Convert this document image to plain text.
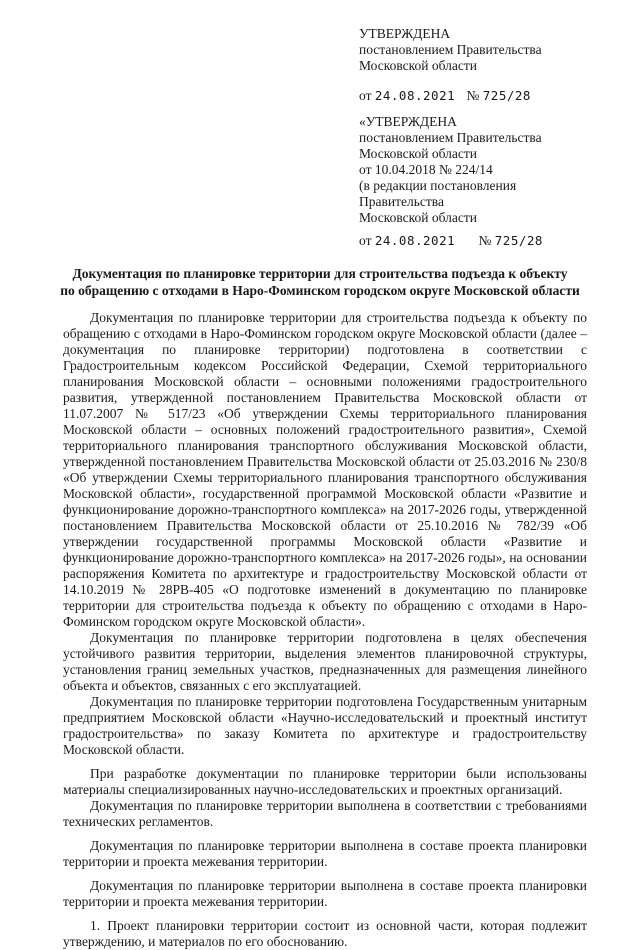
УТВЕРЖДЕНА

постановлением Правительства

Московской области

от 24.08.2021 № 725/28

«УТВЕРЖДЕНА

постановлением Правительства

Московской области

от 10.04.2018 № 224/14

(в редакции постановления

Правительства

Московской области

от 24.08.2021 № 725/28
Документация по планировке территории для строительства подъезда к объекту
по обращению с отходами в Наро-Фоминском городском округе Московской области

Документация по планировке территории для строительства подъезда к объекту по обращению с отходами в Наро-Фоминском городском округе Московской области (далее – документация по планировке территории) подготовлена в соответствии с Градостроительным кодексом Российской Федерации, Схемой территориального планирования Московской области – основными положениями градостроительного развития, утвержденной постановлением Правительства Московской области от 11.07.2007 № 517/23 «Об утверждении Схемы территориального планирования Московской области – основных положений градостроительного развития», Схемой территориального планирования транспортного обслуживания Московской области, утвержденной постановлением Правительства Московской области от 25.03.2016 № 230/8 «Об утверждении Схемы территориального планирования транспортного обслуживания Московской области», государственной программой Московской области «Развитие и функционирование дорожно-транспортного комплекса» на 2017-2026 годы, утвержденной постановлением Правительства Московской области от 25.10.2016 № 782/39 «Об утверждении государственной программы Московской области «Развитие и функционирование дорожно-транспортного комплекса» на 2017-2026 годы», на основании распоряжения Комитета по архитектуре и градостроительству Московской области от 14.10.2019 № 28РВ-405 «О подготовке изменений в документацию по планировке территории для строительства подъезда к объекту по обращению с отходами в Наро-Фоминском городском округе Московской области».

Документация по планировке территории подготовлена в целях обеспечения устойчивого развития территории, выделения элементов планировочной структуры, установления границ земельных участков, предназначенных для размещения линейного объекта и объектов, связанных с его эксплуатацией.

Документация по планировке территории подготовлена Государственным унитарным предприятием Московской области «Научно-исследовательский и проектный институт градостроительства» по заказу Комитета по архитектуре и градостроительству Московской области.

При разработке документации по планировке территории были использованы материалы специализированных научно-исследовательских и проектных организаций.

Документация по планировке территории выполнена в соответствии с требованиями технических регламентов.

Документация по планировке территории выполнена в составе проекта планировки территории и проекта межевания территории.

Документация по планировке территории выполнена в составе проекта планировки территории и проекта межевания территории.

1. Проект планировки территории состоит из основной части, которая подлежит утверждению, и материалов по его обоснованию.
